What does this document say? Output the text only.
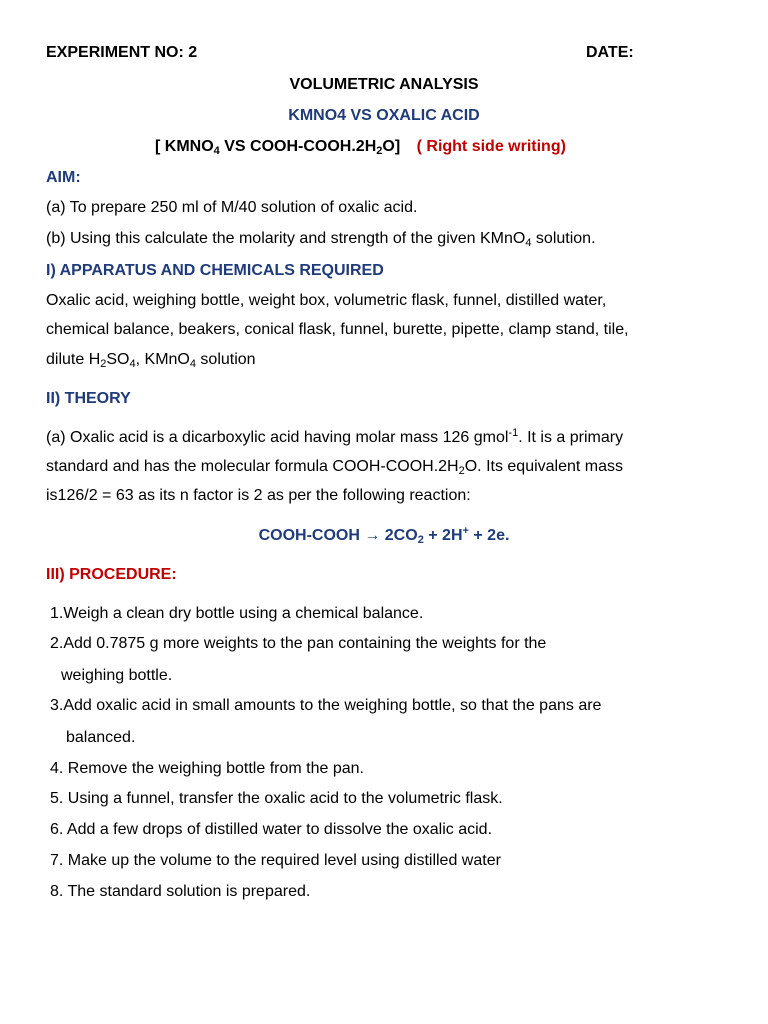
EXPERIMENT NO: 2	DATE:
VOLUMETRIC ANALYSIS
KMNO4 VS OXALIC ACID
[ $KMNO_4$ VS COOH-$COOH.2H_2O$] ( Right side writing)
AIM:
(a) To prepare 250 ml of M/40 solution of oxalic acid.
(b) Using this calculate the molarity and strength of the given KMnO$_4$ solution.
I) APPARATUS AND CHEMICALS REQUIRED
Oxalic acid, weighing bottle, weight box, volumetric flask, funnel, distilled water,
chemical balance, beakers, conical flask, funnel, burette, pipette, clamp stand, tile,
dilute $H_2SO_4$, KMnO$_4$ solution
II) THEORY
(a) Oxalic acid is a dicarboxylic acid having molar mass 126 gmol$^{-1}$. It is a primary
standard and has the molecular formula COOH-$COOH.2H_2O$. Its equivalent mass
is126/2 = 63 as its n factor is 2 as per the following reaction:
COOH-COOH → $2CO_2 + 2H^+ + 2e$.
III) PROCEDURE:
1.Weigh a clean dry bottle using a chemical balance.
2.Add 0.7875 g more weights to the pan containing the weights for the
weighing bottle.
3.Add oxalic acid in small amounts to the weighing bottle, so that the pans are
balanced.
4. Remove the weighing bottle from the pan.
5. Using a funnel, transfer the oxalic acid to the volumetric flask.
6. Add a few drops of distilled water to dissolve the oxalic acid.
7. Make up the volume to the required level using distilled water
8. The standard solution is prepared.
